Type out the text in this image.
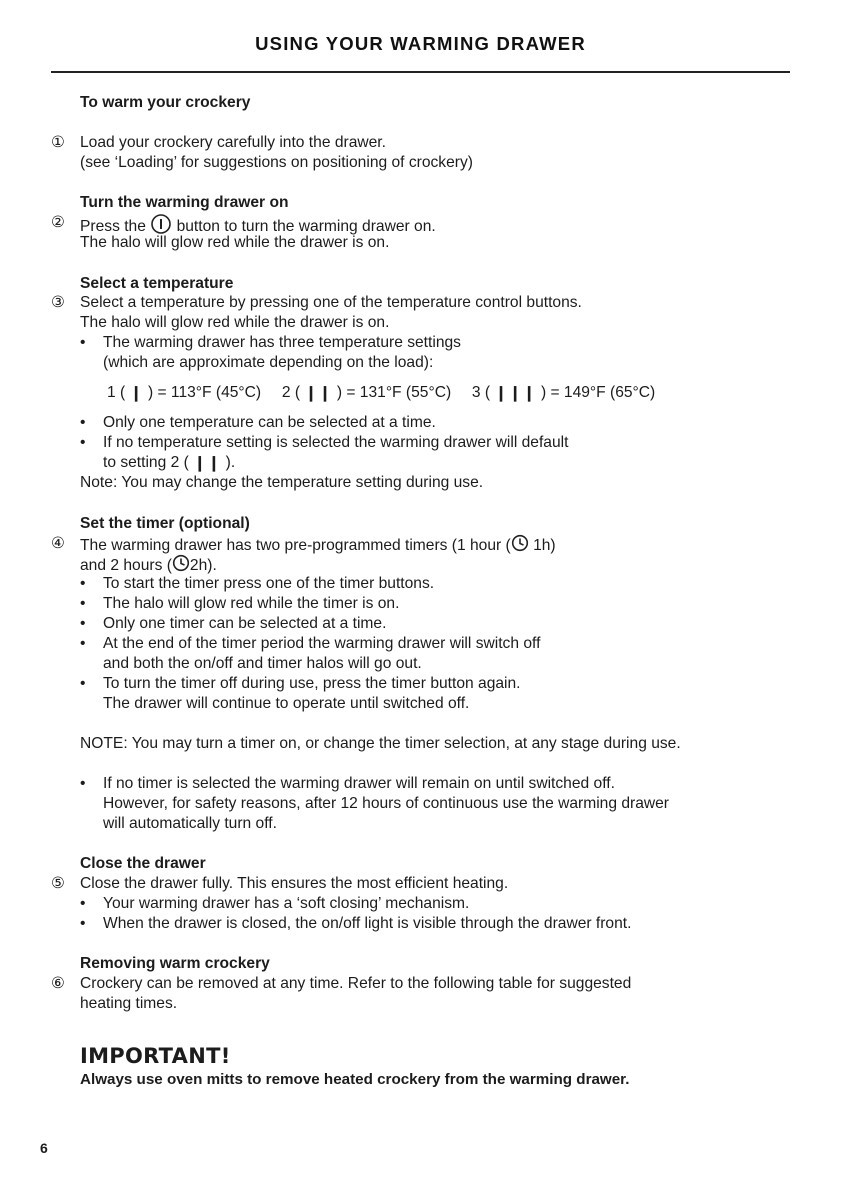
USING YOUR WARMING DRAWER
To warm your crockery
① Load your crockery carefully into the drawer.
(see ‘Loading’ for suggestions on positioning of crockery)
Turn the warming drawer on
② Press the button to turn the warming drawer on.
The halo will glow red while the drawer is on.
Select a temperature
③ Select a temperature by pressing one of the temperature control buttons.
The halo will glow red while the drawer is on.
• The warming drawer has three temperature settings
(which are approximate depending on the load):
1 ( ❙ ) = 113°F (45°C) 2 ( ❙❙ ) = 131°F (55°C) 3 ( ❙❙❙ ) = 149°F (65°C)
• Only one temperature can be selected at a time.
• If no temperature setting is selected the warming drawer will default
to setting 2 ( ❙❙ ).
Note: You may change the temperature setting during use.
Set the timer (optional)
④ The warming drawer has two pre-programmed timers (1 hour ( 1h)
and 2 hours ( 2h).
• To start the timer press one of the timer buttons.
• The halo will glow red while the timer is on.
• Only one timer can be selected at a time.
• At the end of the timer period the warming drawer will switch off
and both the on/off and timer halos will go out.
• To turn the timer off during use, press the timer button again.
The drawer will continue to operate until switched off.
NOTE: You may turn a timer on, or change the timer selection, at any stage during use.
• If no timer is selected the warming drawer will remain on until switched off.
However, for safety reasons, after 12 hours of continuous use the warming drawer
will automatically turn off.
Close the drawer
⑤ Close the drawer fully. This ensures the most efficient heating.
• Your warming drawer has a ‘soft closing’ mechanism.
• When the drawer is closed, the on/off light is visible through the drawer front.
Removing warm crockery
⑥ Crockery can be removed at any time. Refer to the following table for suggested
heating times.
IMPORTANT!
Always use oven mitts to remove heated crockery from the warming drawer.
6
